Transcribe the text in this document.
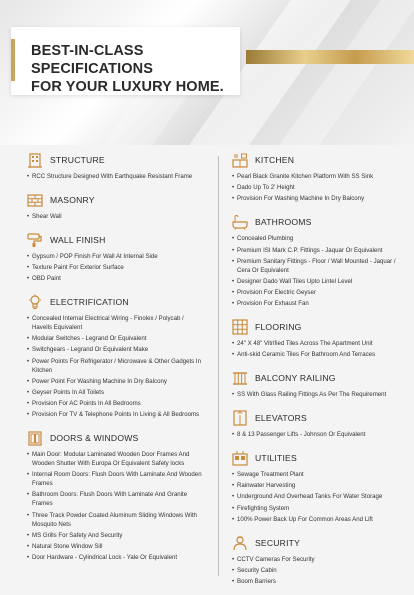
BEST-IN-CLASS SPECIFICATIONS
FOR YOUR LUXURY HOME.
STRUCTURE
• RCC Structure Designed With Earthquake Resistant Frame
MASONRY
• Shear Wall
WALL FINISH
• Gypsum / POP Finish For Wall At Internal Side
• Texture Paint For Exterior Surface
• OBD Paint
ELECTRIFICATION
• Concealed Internal Electrical Wiring - Finolex / Polycab / Havells Equivalent
• Modular Switches - Legrand Or Equivalent
• Switchgears - Legrand Or Equivalent Make
• Power Points For Refrigerator / Microwave & Other Gadgets In Kitchen
• Power Point For Washing Machine In Dry Balcony
• Geyser Points In All Toilets
• Provision For AC Points In All Bedrooms
• Provision For TV & Telephone Points In Living & All Bedrooms
DOORS & WINDOWS
• Main Door: Modular Laminated Wooden Door Frames And Wooden Shutter With Europa Or Equivalent Safety locks
• Internal Room Doors: Flush Doors With Laminate And Wooden Frames
• Bathroom Doors: Flush Doors With Laminate And Granite Frames
• Three Track Powder Coated Aluminum Sliding Windows With Mosquito Nets
• MS Grills For Safety And Security
• Natural Stone Window Sill
• Door Hardware - Cylindrical Lock - Yale Or Equivalent
KITCHEN
• Pearl Black Granite Kitchen Platform With SS Sink
• Dado Up To 2' Height
• Provision For Washing Machine In Dry Balcony
BATHROOMS
• Concealed Plumbing
• Premium ISI Mark C.P. Fittings - Jaquar Or Equivalent
• Premium Sanitary Fittings - Floor / Wall Mounted - Jaquar / Cera Or Equivalent
• Designer Dado Wall Tiles Upto Lintel Level
• Provision For Electric Geyser
• Provision For Exhaust Fan
FLOORING
• 24" X 48" Vitrified Tiles Across The Apartment Unit
• Anti-skid Ceramic Tiles For Bathroom And Terraces
BALCONY RAILING
• SS With Glass Railing Fittings As Per The Requirement
ELEVATORS
• 8 & 13 Passenger Lifts - Johnson Or Equivalent
UTILITIES
• Sewage Treatment Plant
• Rainwater Harvesting
• Underground And Overhead Tanks For Water Storage
• Firefighting System
• 100% Power Back Up For Common Areas And Lift
SECURITY
• CCTV Cameras For Security
• Security Cabin
• Boom Barriers
